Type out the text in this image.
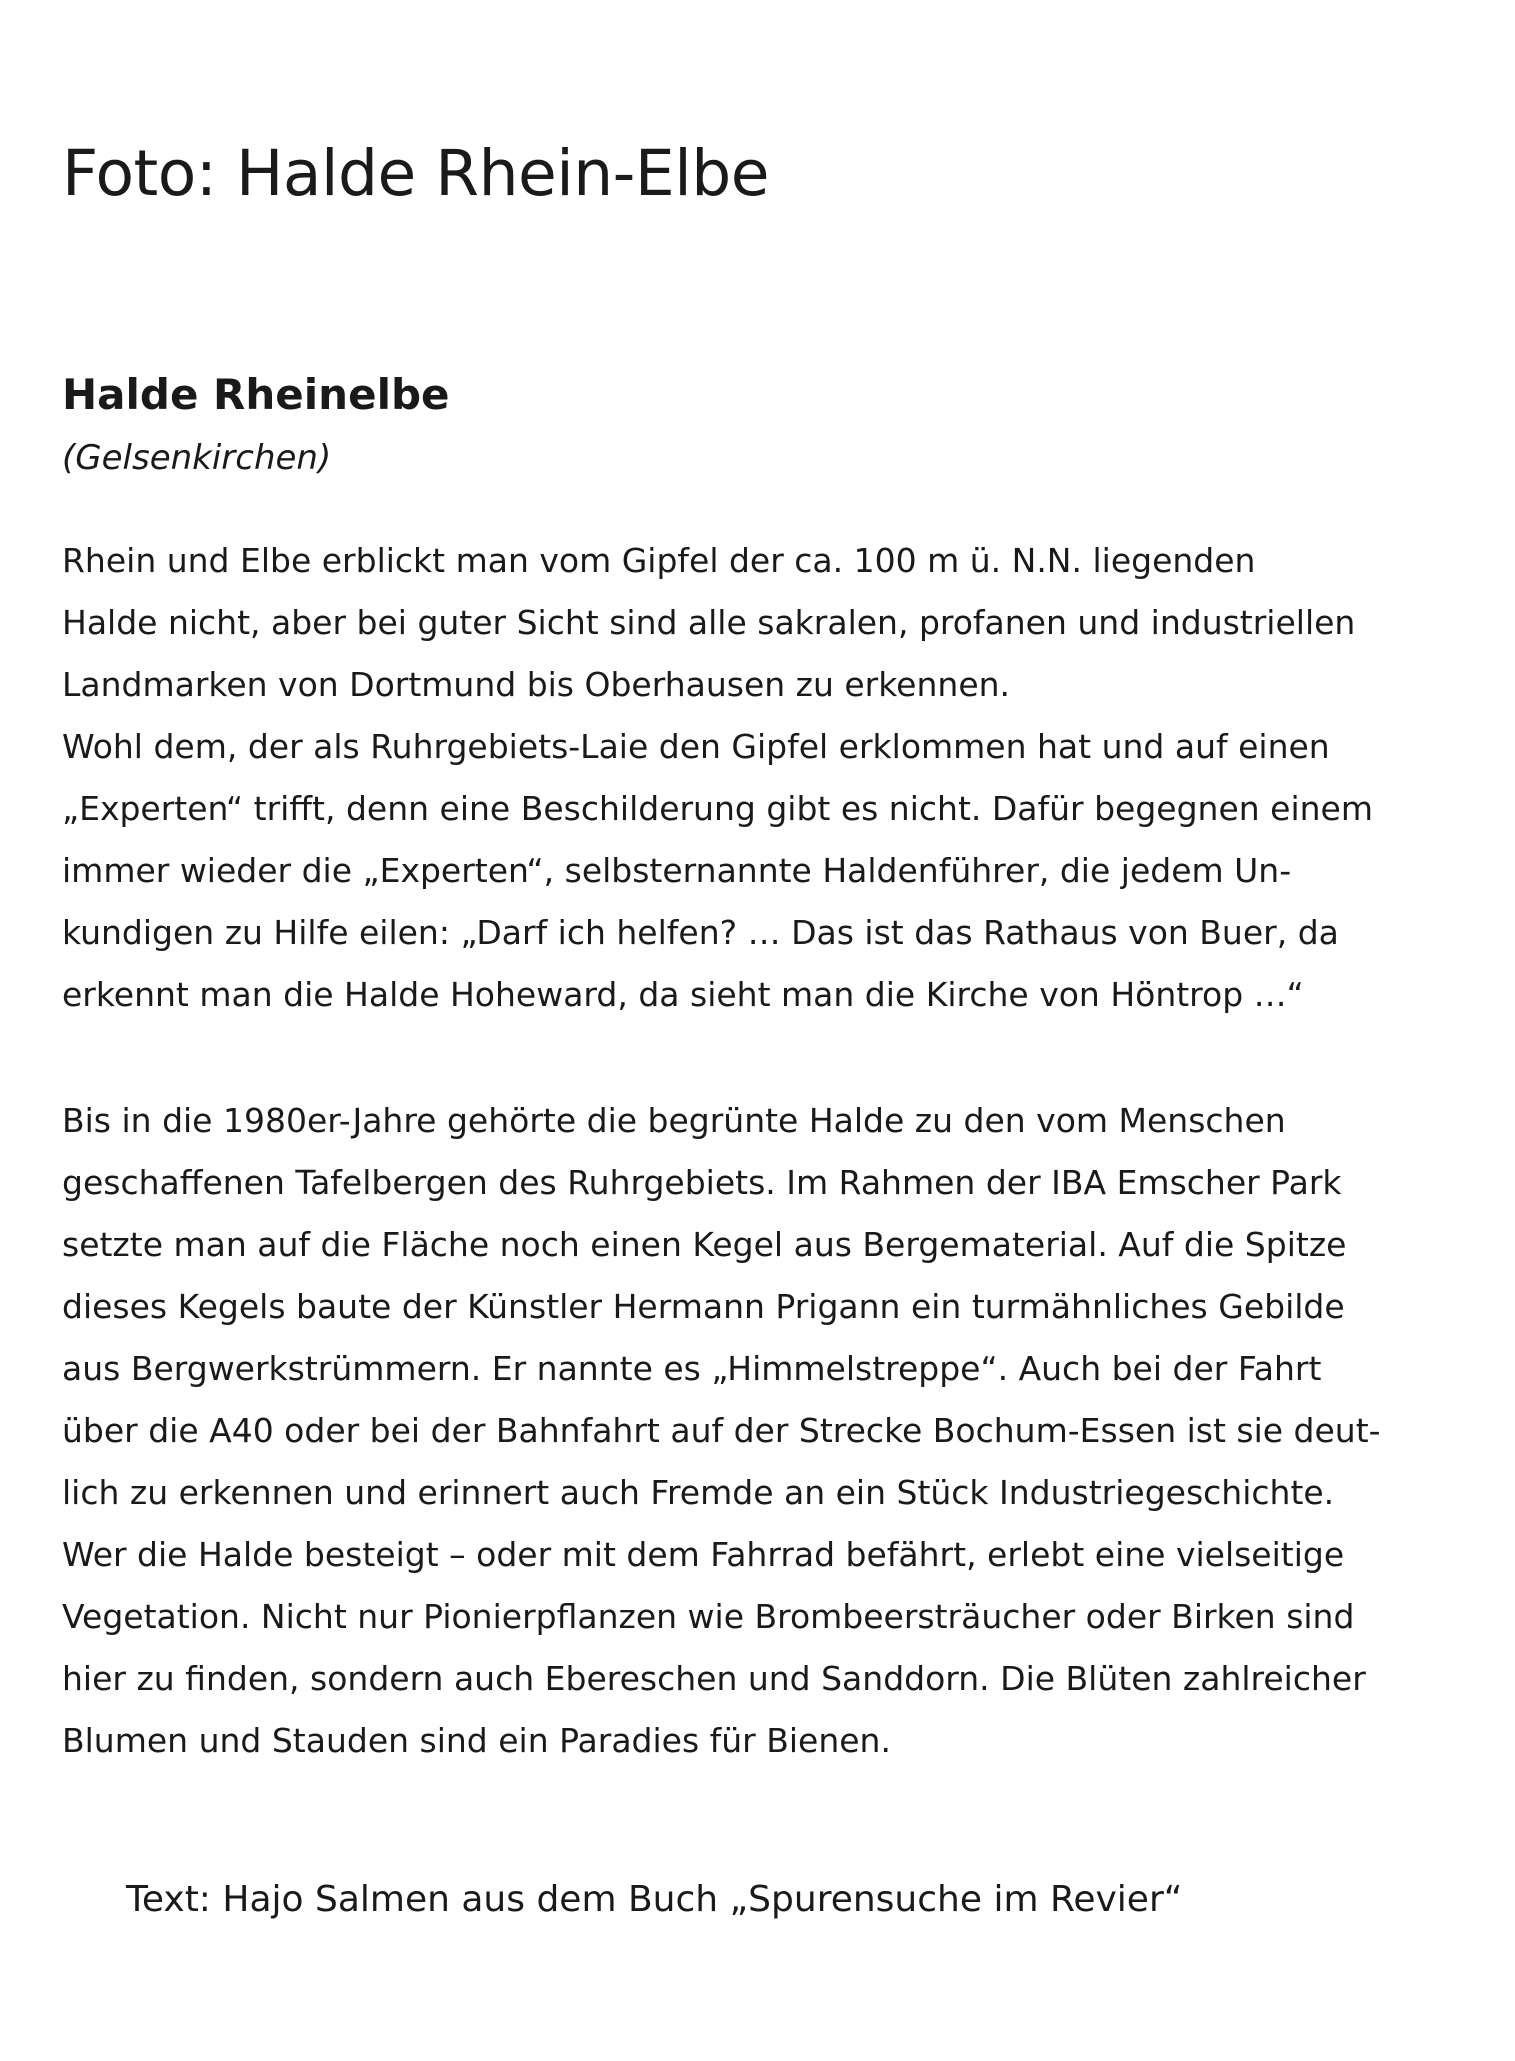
Foto: Halde Rhein-Elbe
Halde Rheinelbe

(Gelsenkirchen)

Rhein und Elbe erblickt man vom Gipfel der ca. 100 m ü. N.N. liegenden
Halde nicht, aber bei guter Sicht sind alle sakralen, profanen und industriellen
Landmarken von Dortmund bis Oberhausen zu erkennen.
Wohl dem, der als Ruhrgebiets-Laie den Gipfel erklommen hat und auf einen
„Experten“ trifft, denn eine Beschilderung gibt es nicht. Dafür begegnen einem
immer wieder die „Experten“, selbsternannte Haldenführer, die jedem Un-
kundigen zu Hilfe eilen: „Darf ich helfen? … Das ist das Rathaus von Buer, da
erkennt man die Halde Hoheward, da sieht man die Kirche von Höntrop …“
Bis in die 1980er-Jahre gehörte die begrünte Halde zu den vom Menschen
geschaffenen Tafelbergen des Ruhrgebiets. Im Rahmen der IBA Emscher Park
setzte man auf die Fläche noch einen Kegel aus Bergematerial. Auf die Spitze
dieses Kegels baute der Künstler Hermann Prigann ein turmähnliches Gebilde
aus Bergwerkstrümmern. Er nannte es „Himmelstreppe“. Auch bei der Fahrt
über die A40 oder bei der Bahnfahrt auf der Strecke Bochum-Essen ist sie deut-
lich zu erkennen und erinnert auch Fremde an ein Stück Industriegeschichte.
Wer die Halde besteigt – oder mit dem Fahrrad befährt, erlebt eine vielseitige
Vegetation. Nicht nur Pionierpflanzen wie Brombeersträucher oder Birken sind
hier zu finden, sondern auch Ebereschen und Sanddorn. Die Blüten zahlreicher
Blumen und Stauden sind ein Paradies für Bienen.

Text: Hajo Salmen aus dem Buch „Spurensuche im Revier“
